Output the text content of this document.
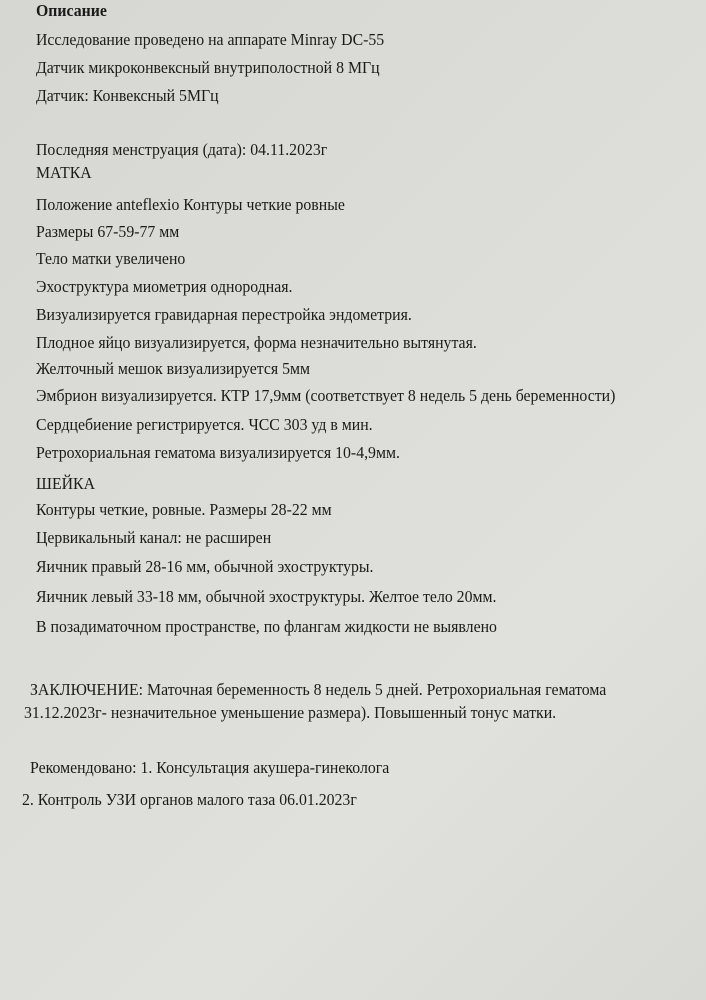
Описание
Исследование проведено на аппарате Minray DC-55
Датчик микроконвексный внутриполостной 8 МГц
Датчик: Конвексный 5МГц
Последняя менструация (дата): 04.11.2023г
МАТКА
Положение anteflexio Контуры четкие ровные
Размеры 67-59-77 мм
Тело матки увеличено
Эхоструктура миометрия однородная.
Визуализируется гравидарная перестройка эндометрия.
Плодное яйцо визуализируется, форма незначительно вытянутая.
Желточный мешок визуализируется 5мм
Эмбрион визуализируется. КТР 17,9мм (соответствует 8 недель 5 день беременности)
Сердцебиение регистрируется. ЧСС 303 уд в мин.
Ретрохориальная гематома визуализируется 10-4,9мм.
ШЕЙКА
Контуры четкие, ровные. Размеры 28-22 мм
Цервикальный канал: не расширен
Яичник правый 28-16 мм, обычной эхоструктуры.
Яичник левый 33-18 мм, обычной эхоструктуры. Желтое тело 20мм.
В позадиматочном пространстве, по флангам жидкости не выявлено
ЗАКЛЮЧЕНИЕ: Маточная беременность 8 недель 5 дней. Ретрохориальная гематома
31.12.2023г- незначительное уменьшение размера). Повышенный тонус матки.
Рекомендовано: 1. Консультация акушера-гинеколога
2. Контроль УЗИ органов малого таза 06.01.2023г
